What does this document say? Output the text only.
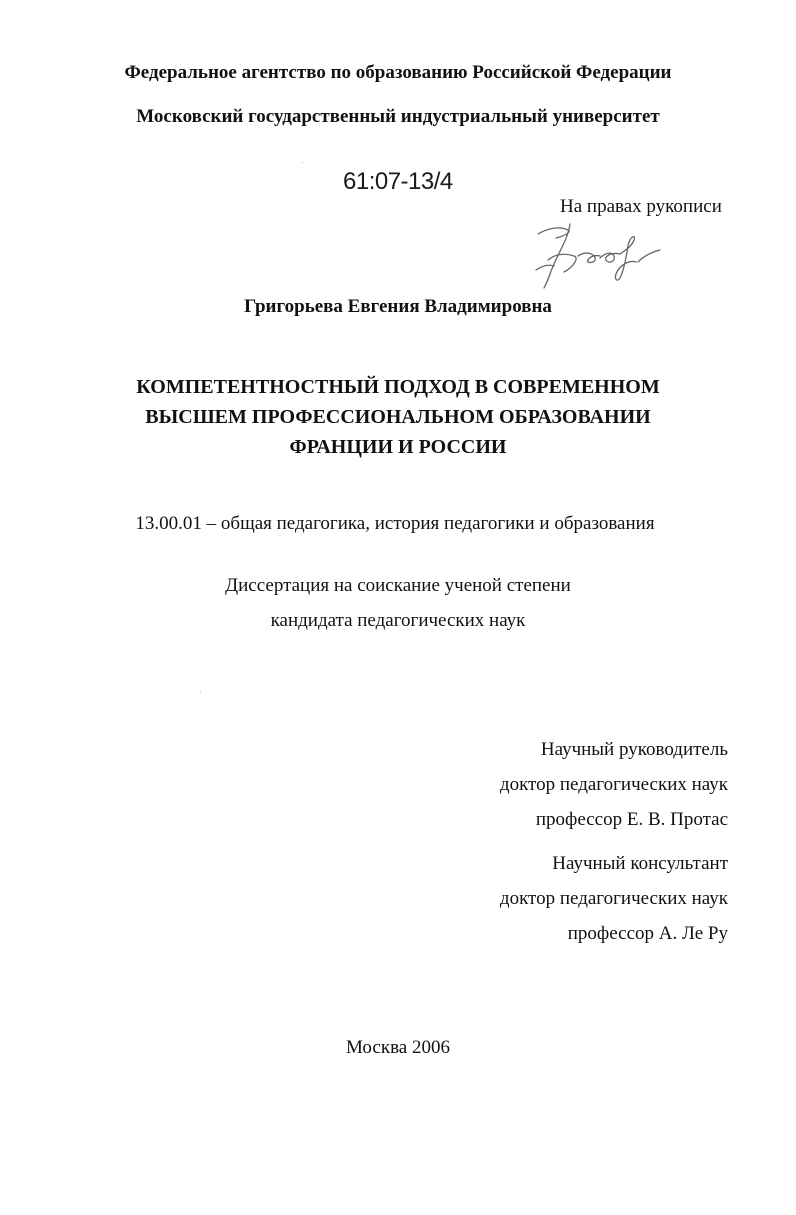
Федеральное агентство по образованию Российской Федерации
Московский государственный индустриальный университет
61:07-13/4
На правах рукописи
Григорьева Евгения Владимировна
КОМПЕТЕНТНОСТНЫЙ ПОДХОД В СОВРЕМЕННОМ
ВЫСШЕМ ПРОФЕССИОНАЛЬНОМ ОБРАЗОВАНИИ
ФРАНЦИИ И РОССИИ
13.00.01 – общая педагогика, история педагогики и образования
Диссертация на соискание ученой степени
кандидата педагогических наук
Научный руководитель
доктор педагогических наук
профессор Е. В. Протас
Научный консультант
доктор педагогических наук
профессор А. Ле Ру
Москва 2006
